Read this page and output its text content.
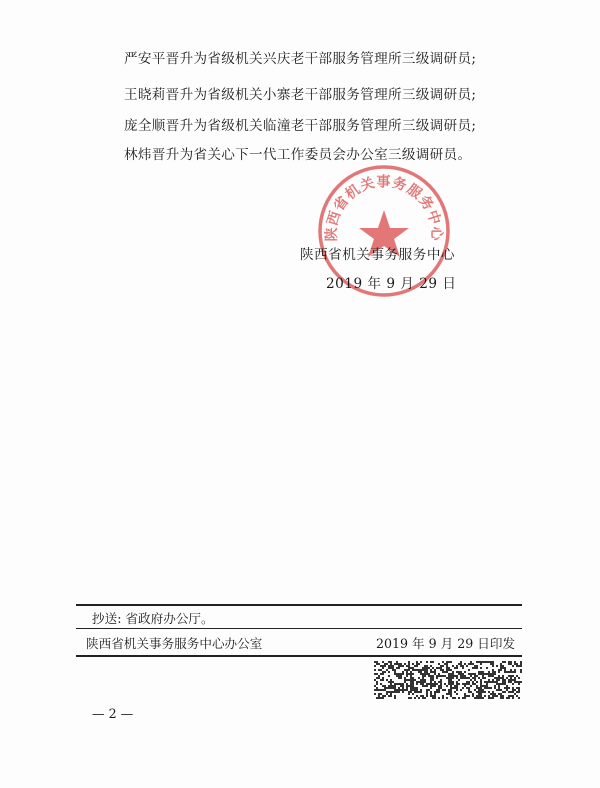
严安平晋升为省级机关兴庆老干部服务管理所三级调研员;
王晓莉晋升为省级机关小寨老干部服务管理所三级调研员;
庞全顺晋升为省级机关临潼老干部服务管理所三级调研员;
林炜晋升为省关心下一代工作委员会办公室三级调研员。
陕西省机关事务服务中心
陕西省机关事务服务中心
2019 年 9 月 29 日
抄送: 省政府办公厅。
陕西省机关事务服务中心办公室	2019 年 9 月 29 日印发
— 2 —
